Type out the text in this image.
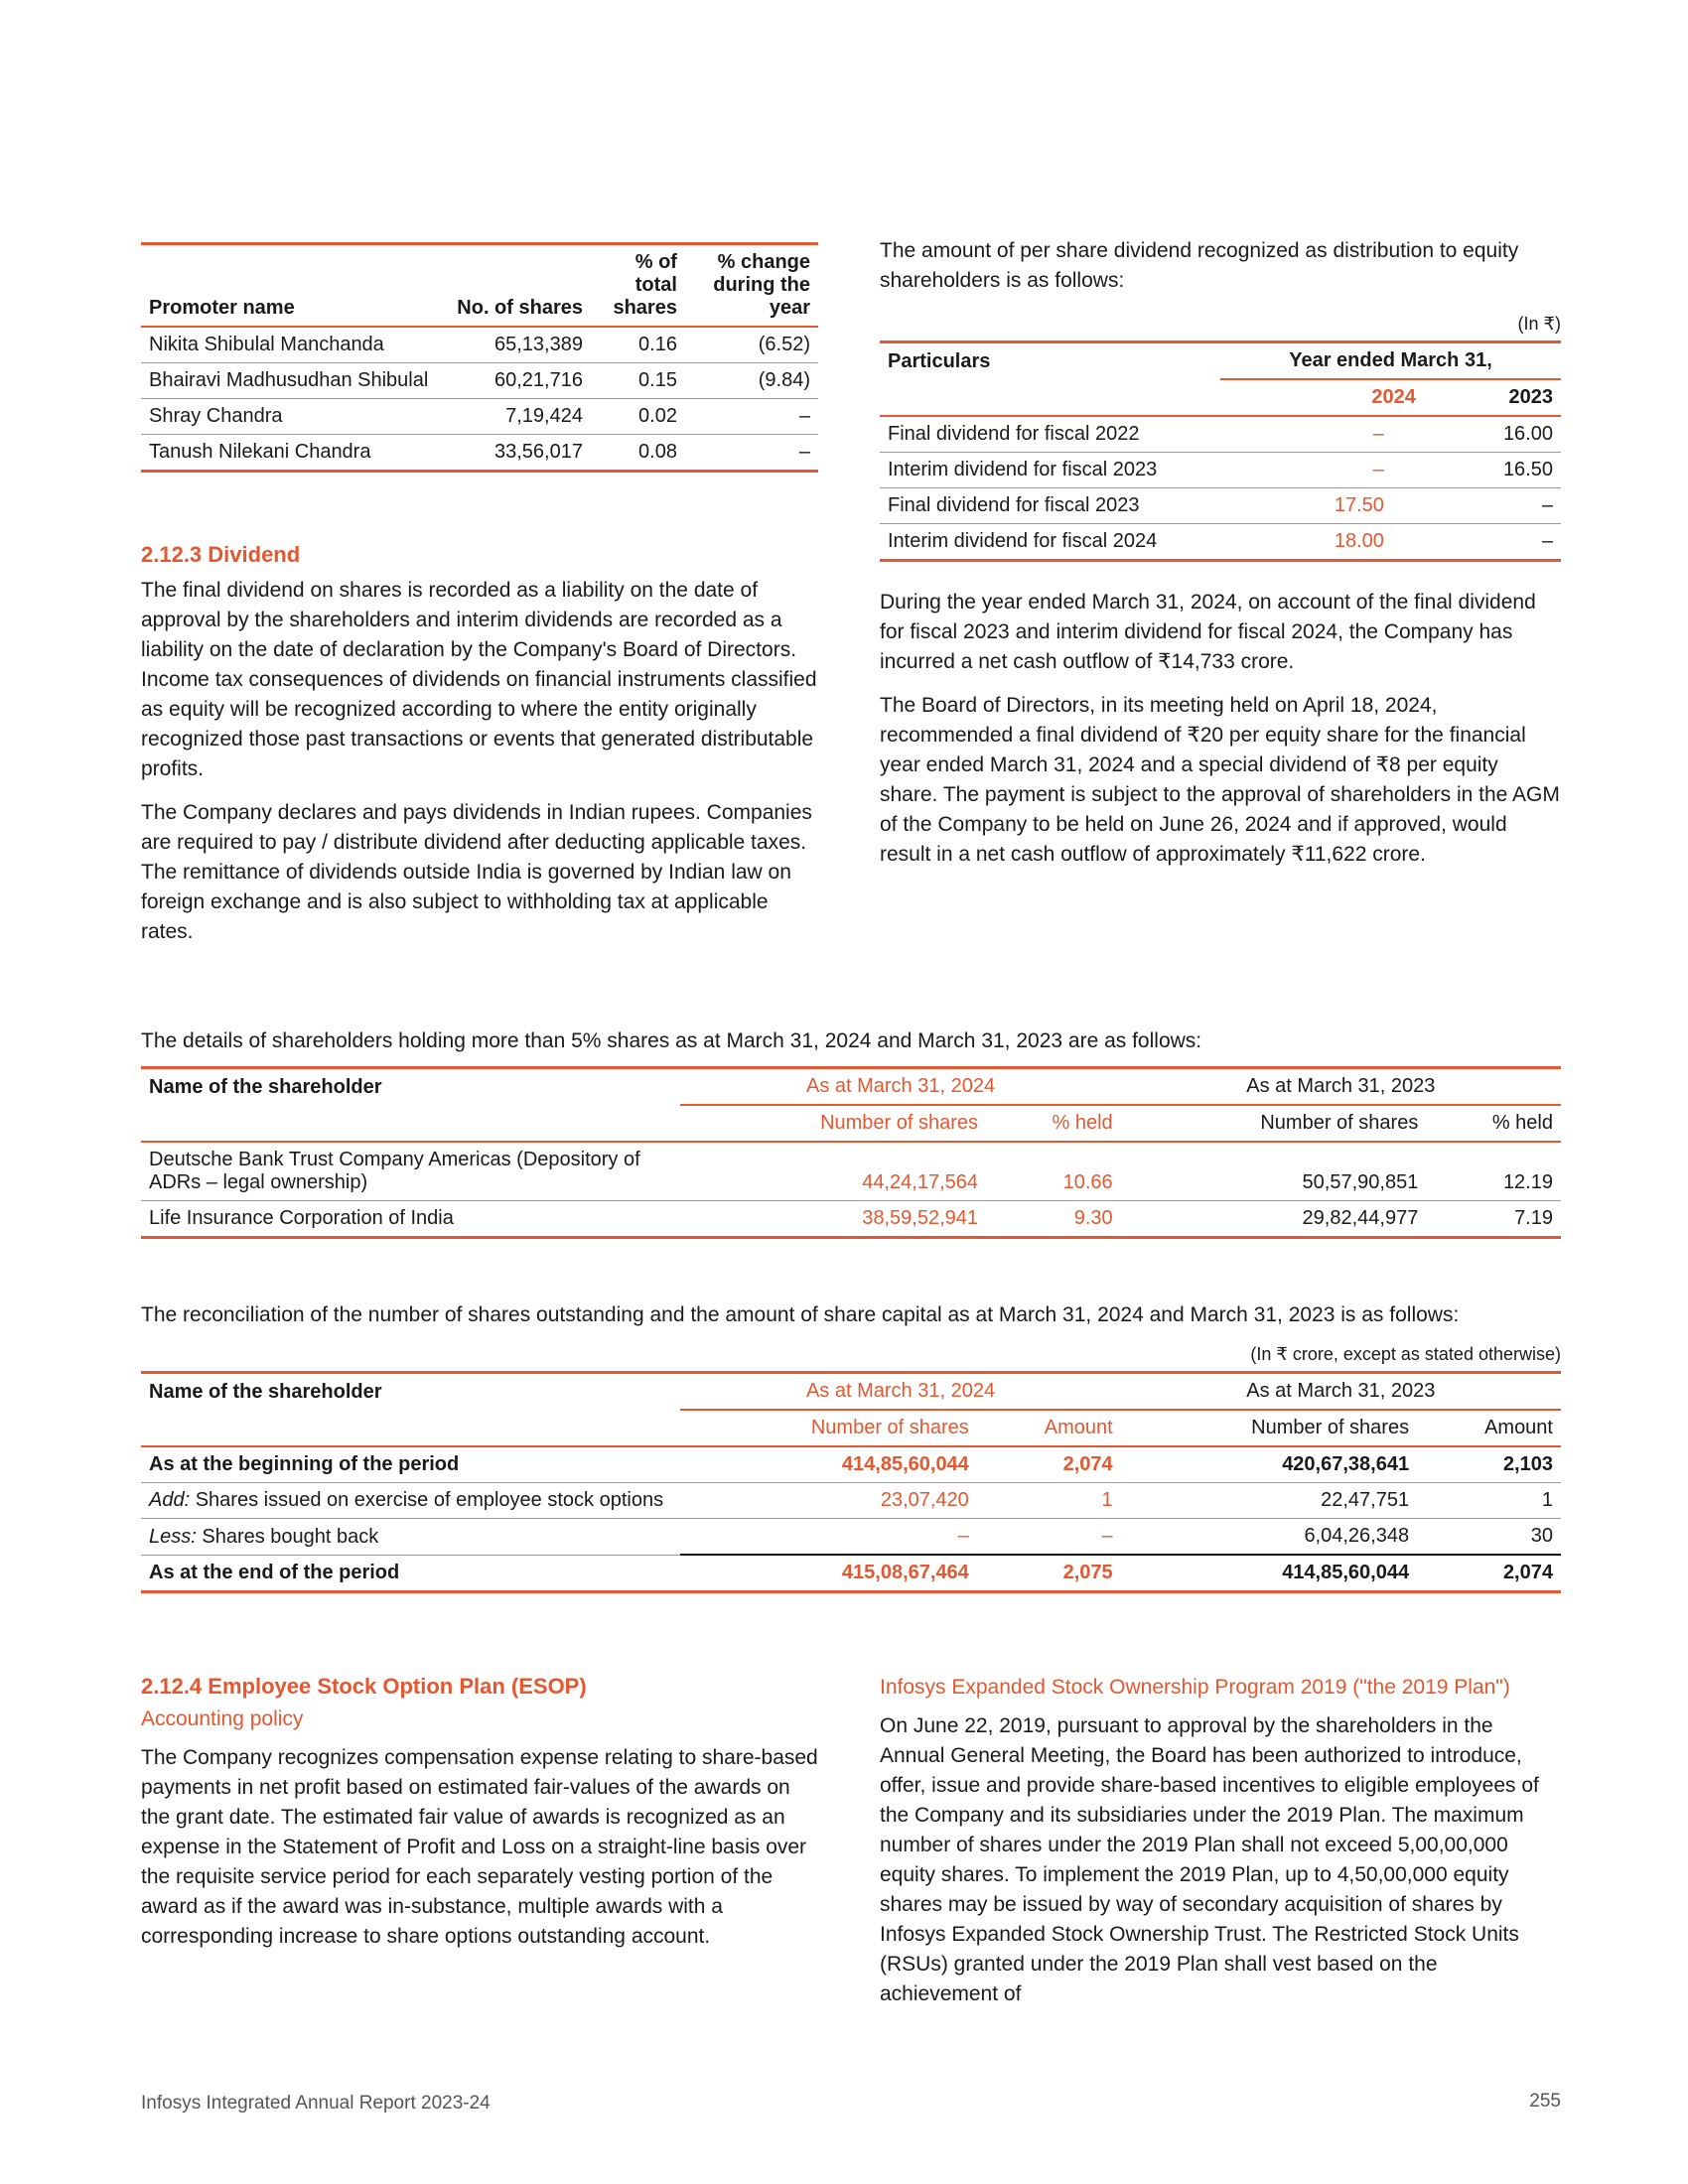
Promoter name	No. of shares	% of total shares	% change during the year
Nikita Shibulal Manchanda	65,13,389	0.16	(6.52)
Bhairavi Madhusudhan Shibulal	60,21,716	0.15	(9.84)
Shray Chandra	7,19,424	0.02	–
Tanush Nilekani Chandra	33,56,017	0.08	–
2.12.3 Dividend

The final dividend on shares is recorded as a liability on the date of approval by the shareholders and interim dividends are recorded as a liability on the date of declaration by the Company's Board of Directors. Income tax consequences of dividends on financial instruments classified as equity will be recognized according to where the entity originally recognized those past transactions or events that generated distributable profits.

The Company declares and pays dividends in Indian rupees. Companies are required to pay / distribute dividend after deducting applicable taxes. The remittance of dividends outside India is governed by Indian law on foreign exchange and is also subject to withholding tax at applicable rates.

The amount of per share dividend recognized as distribution to equity shareholders is as follows:

(In ₹)
Particulars	Year ended March 31,	
	2024	2023
Final dividend for fiscal 2022	–	16.00
Interim dividend for fiscal 2023	–	16.50
Final dividend for fiscal 2023	17.50	–
Interim dividend for fiscal 2024	18.00	–

During the year ended March 31, 2024, on account of the final dividend for fiscal 2023 and interim dividend for fiscal 2024, the Company has incurred a net cash outflow of ₹14,733 crore.

The Board of Directors, in its meeting held on April 18, 2024, recommended a final dividend of ₹20 per equity share for the financial year ended March 31, 2024 and a special dividend of ₹8 per equity share. The payment is subject to the approval of shareholders in the AGM of the Company to be held on June 26, 2024 and if approved, would result in a net cash outflow of approximately ₹11,622 crore.

The details of shareholders holding more than 5% shares as at March 31, 2024 and March 31, 2023 are as follows:

Name of the shareholder	As at March 31, 2024		As at March 31, 2023	
	Number of shares	% held	Number of shares	% held
Deutsche Bank Trust Company Americas (Depository of ADRs – legal ownership)	44,24,17,564	10.66	50,57,90,851	12.19
Life Insurance Corporation of India	38,59,52,941	9.30	29,82,44,977	7.19

The reconciliation of the number of shares outstanding and the amount of share capital as at March 31, 2024 and March 31, 2023 is as follows:

(In ₹ crore, except as stated otherwise)
Name of the shareholder	As at March 31, 2024		As at March 31, 2023	
	Number of shares	Amount	Number of shares	Amount
As at the beginning of the period	414,85,60,044	2,074	420,67,38,641	2,103
Add: Shares issued on exercise of employee stock options	23,07,420	1	22,47,751	1
Less: Shares bought back	–	–	6,04,26,348	30
As at the end of the period	415,08,67,464	2,075	414,85,60,044	2,074
2.12.4 Employee Stock Option Plan (ESOP)
Accounting policy

The Company recognizes compensation expense relating to share-based payments in net profit based on estimated fair-values of the awards on the grant date. The estimated fair value of awards is recognized as an expense in the Statement of Profit and Loss on a straight-line basis over the requisite service period for each separately vesting portion of the award as if the award was in-substance, multiple awards with a corresponding increase to share options outstanding account.

Infosys Expanded Stock Ownership Program 2019 ("the 2019 Plan")

On June 22, 2019, pursuant to approval by the shareholders in the Annual General Meeting, the Board has been authorized to introduce, offer, issue and provide share-based incentives to eligible employees of the Company and its subsidiaries under the 2019 Plan. The maximum number of shares under the 2019 Plan shall not exceed 5,00,00,000 equity shares. To implement the 2019 Plan, up to 4,50,00,000 equity shares may be issued by way of secondary acquisition of shares by Infosys Expanded Stock Ownership Trust. The Restricted Stock Units (RSUs) granted under the 2019 Plan shall vest based on the achievement of

Infosys Integrated Annual Report 2023-24	255
